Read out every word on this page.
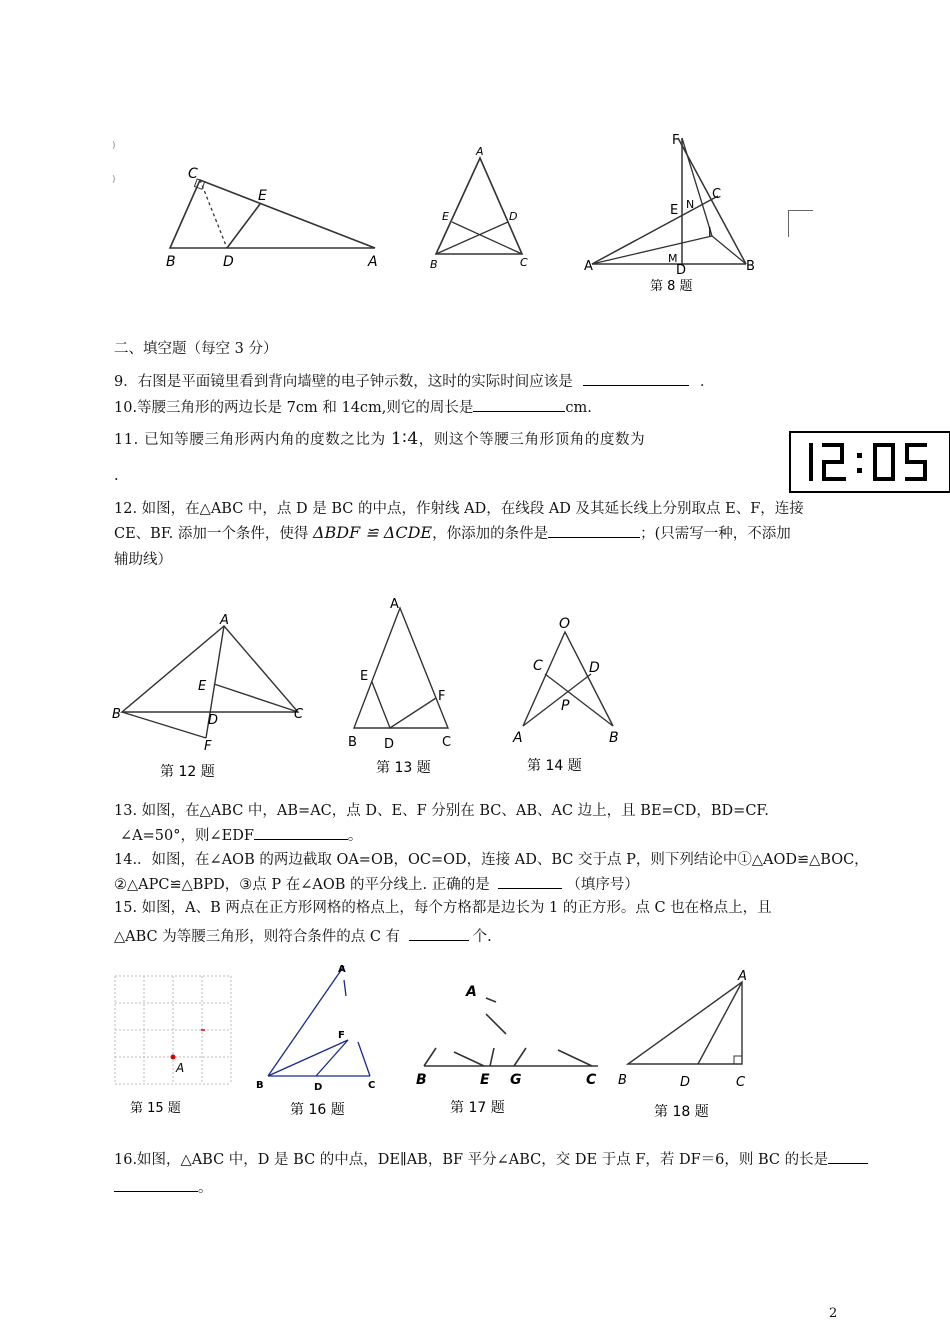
)
)	C
E
B	D	A
A
E	D
B	C
F
C
E N
I
M
A	D	B
第 8 题
二、填空题（每空 3 分）
9．右图是平面镜里看到背向墙壁的电子钟示数，这时的实际时间应该是	．
10.等腰三角形的两边长是 7cm 和 14cm,则它的周长是	cm.
11. 已知等腰三角形两内角的度数之比为 1∶4，则这个等腰三角形顶角的度数为
.
12. 如图，在△ABC 中，点 D 是 BC 的中点，作射线 AD，在线段 AD 及其延长线上分别取点 E、F，连接
CE、BF. 添加一个条件，使得 ΔBDF ≌ ΔCDE，你添加的条件是	；(只需写一种，不添加
辅助线）
A
E
B	D	C
F
第 12 题
A
E
F
B D	C
第 13 题
O
C	D
P
A	B
第 14 题
13. 如图，在△ABC 中，AB=AC，点 D、E、F 分别在 BC、AB、AC 边上，且 BE=CD，BD=CF.
∠A=50°，则∠EDF	。
14.．如图，在∠AOB 的两边截取 OA=OB，OC=OD，连接 AD、BC 交于点 P，则下列结论中①△AOD≌△BOC，
②△APC≌△BPD，③点 P 在∠AOB 的平分线上. 正确的是	（填序号）
15. 如图，A、B 两点在正方形网格的格点上，每个方格都是边长为 1 的正方形。点 C 也在格点上，且
△ABC 为等腰三角形，则符合条件的点 C 有	个.
A
第 15 题
A
F
B	D	C
第 16 题
A
B	E G	C
第 17 题
A
B	D	C
第 18 题
16.如图，△ABC 中，D 是 BC 的中点，DE∥AB，BF 平分∠ABC，交 DE 于点 F，若 DF＝6，则 BC 的长是
。
2
